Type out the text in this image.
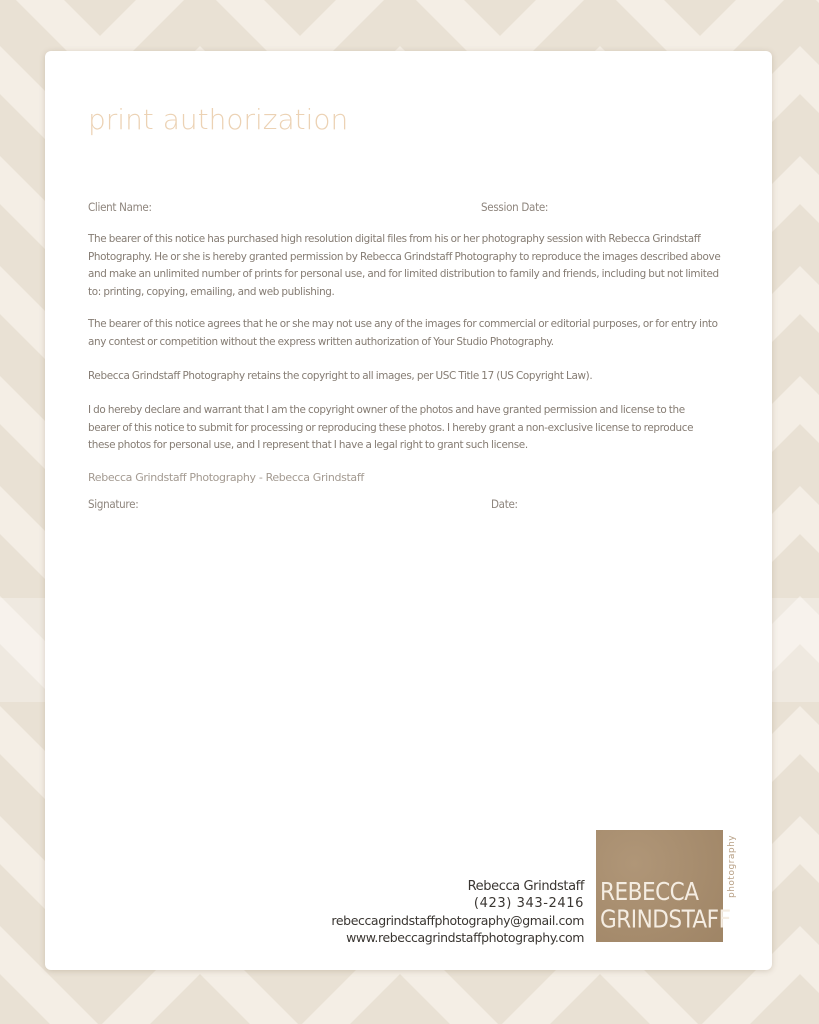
print authorization
Client Name:	Session Date:

The bearer of this notice has purchased high resolution digital files from his or her photography session with Rebecca Grindstaff Photography. He or she is hereby granted permission by Rebecca Grindstaff Photography to reproduce the images described above and make an unlimited number of prints for personal use, and for limited distribution to family and friends, including but not limited to: printing, copying, emailing, and web publishing.

The bearer of this notice agrees that he or she may not use any of the images for commercial or editorial purposes, or for entry into any contest or competition without the express written authorization of Your Studio Photography.

Rebecca Grindstaff Photography retains the copyright to all images, per USC Title 17 (US Copyright Law).

I do hereby declare and warrant that I am the copyright owner of the photos and have granted permission and license to the bearer of this notice to submit for processing or reproducing these photos. I hereby grant a non-exclusive license to reproduce these photos for personal use, and I represent that I have a legal right to grant such license.

Rebecca Grindstaff Photography - Rebecca Grindstaff
Signature:	Date:
Rebecca Grindstaff
(423) 343-2416
rebeccagrindstaffphotography@gmail.com
www.rebeccagrindstaffphotography.com
REBECCA
GRINDSTAFF
photography
